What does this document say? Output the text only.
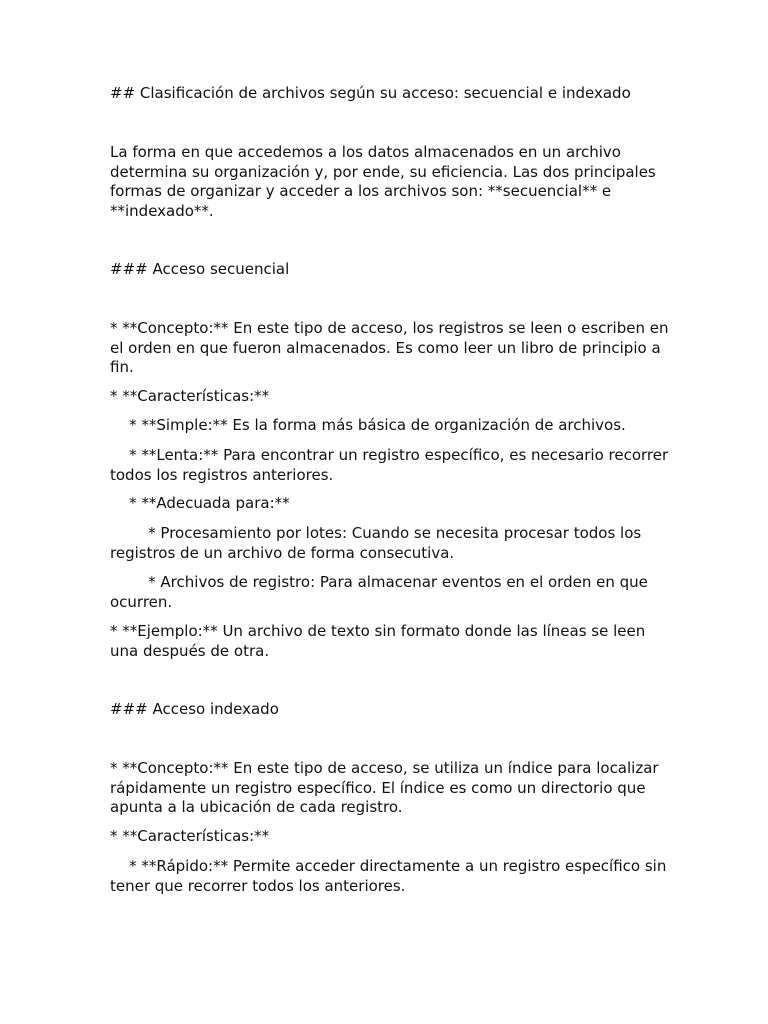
## Clasificación de archivos según su acceso: secuencial e indexado

La forma en que accedemos a los datos almacenados en un archivo determina su organización y, por ende, su eficiencia. Las dos principales formas de organizar y acceder a los archivos son: **secuencial** e **indexado**.

### Acceso secuencial

* **Concepto:** En este tipo de acceso, los registros se leen o escriben en el orden en que fueron almacenados. Es como leer un libro de principio a fin.

* **Características:**

* **Simple:** Es la forma más básica de organización de archivos.

* **Lenta:** Para encontrar un registro específico, es necesario recorrer todos los registros anteriores.

* **Adecuada para:**

* Procesamiento por lotes: Cuando se necesita procesar todos los registros de un archivo de forma consecutiva.

* Archivos de registro: Para almacenar eventos en el orden en que ocurren.

* **Ejemplo:** Un archivo de texto sin formato donde las líneas se leen una después de otra.

### Acceso indexado

* **Concepto:** En este tipo de acceso, se utiliza un índice para localizar rápidamente un registro específico. El índice es como un directorio que apunta a la ubicación de cada registro.

* **Características:**

* **Rápido:** Permite acceder directamente a un registro específico sin tener que recorrer todos los anteriores.
